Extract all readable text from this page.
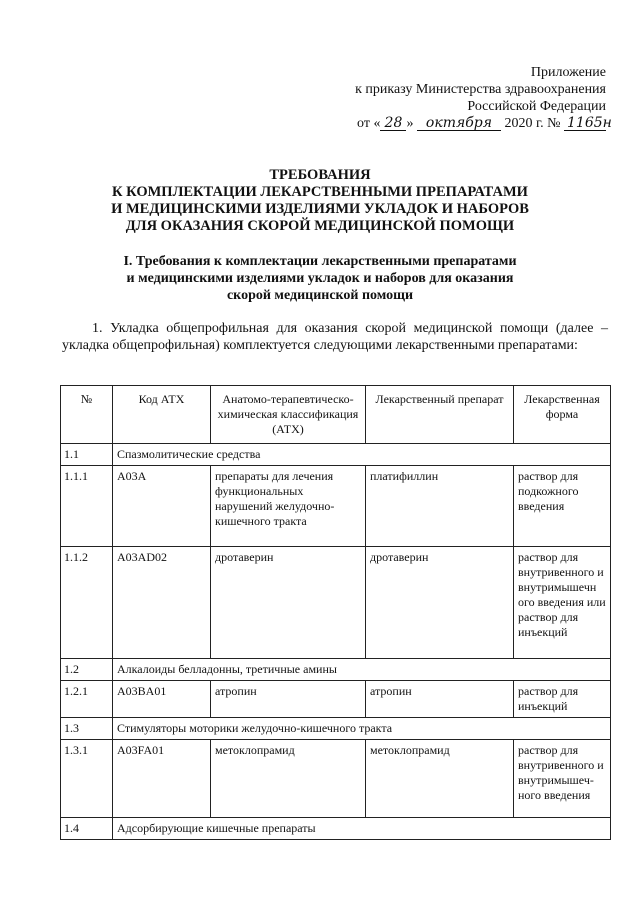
Приложение
к приказу Министерства здравоохранения
Российской Федерации
от « 28 » октября 2020 г. № 1165н
ТРЕБОВАНИЯ
К КОМПЛЕКТАЦИИ ЛЕКАРСТВЕННЫМИ ПРЕПАРАТАМИ
И МЕДИЦИНСКИМИ ИЗДЕЛИЯМИ УКЛАДОК И НАБОРОВ
ДЛЯ ОКАЗАНИЯ СКОРОЙ МЕДИЦИНСКОЙ ПОМОЩИ
I. Требования к комплектации лекарственными препаратами
и медицинскими изделиями укладок и наборов для оказания
скорой медицинской помощи
1. Укладка общепрофильная для оказания скорой медицинской помощи (далее – укладка общепрофильная) комплектуется следующими лекарственными препаратами:
№	Код АТХ	Анатомо-терапевтическо-химическая классификация (АТХ)	Лекарственный препарат	Лекарственная форма
1.1	Спазмолитические средства			
1.1.1	A03A	препараты для лечения функциональных нарушений желудочно-кишечного тракта	платифиллин	раствор для подкожного введения
1.1.2	A03AD02	дротаверин	дротаверин	раствор для внутривенного и внутримышечн ого введения или раствор для инъекций
1.2	Алкалоиды белладонны, третичные амины			
1.2.1	A03BA01	атропин	атропин	раствор для инъекций
1.3	Стимуляторы моторики желудочно-кишечного тракта			
1.3.1	A03FA01	метоклопрамид	метоклопрамид	раствор для внутривенного и внутримышеч-ного введения
1.4	Адсорбирующие кишечные препараты			
